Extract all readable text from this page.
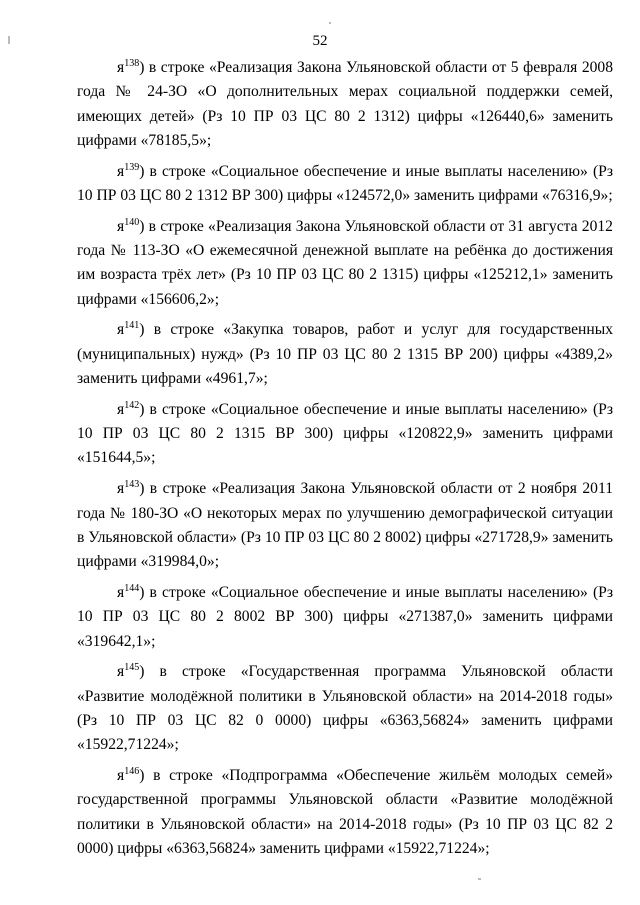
52

$я^{138}$) в строке «Реализация Закона Ульяновской области от 5 февраля 2008 года № 24-ЗО «О дополнительных мерах социальной поддержки семей, имеющих детей» (Рз 10 ПР 03 ЦС 80 2 1312) цифры «126440,6» заменить цифрами «78185,5»;

$я^{139}$) в строке «Социальное обеспечение и иные выплаты населению» (Рз 10 ПР 03 ЦС 80 2 1312 ВР 300) цифры «124572,0» заменить цифрами «76316,9»;

$я^{140}$) в строке «Реализация Закона Ульяновской области от 31 августа 2012 года № 113-ЗО «О ежемесячной денежной выплате на ребёнка до достижения им возраста трёх лет» (Рз 10 ПР 03 ЦС 80 2 1315) цифры «125212,1» заменить цифрами «156606,2»;

$я^{141}$) в строке «Закупка товаров, работ и услуг для государственных (муниципальных) нужд» (Рз 10 ПР 03 ЦС 80 2 1315 ВР 200) цифры «4389,2» заменить цифрами «4961,7»;

$я^{142}$) в строке «Социальное обеспечение и иные выплаты населению» (Рз 10 ПР 03 ЦС 80 2 1315 ВР 300) цифры «120822,9» заменить цифрами «151644,5»;

$я^{143}$) в строке «Реализация Закона Ульяновской области от 2 ноября 2011 года № 180-ЗО «О некоторых мерах по улучшению демографической ситуации в Ульяновской области» (Рз 10 ПР 03 ЦС 80 2 8002) цифры «271728,9» заменить цифрами «319984,0»;

$я^{144}$) в строке «Социальное обеспечение и иные выплаты населению» (Рз 10 ПР 03 ЦС 80 2 8002 ВР 300) цифры «271387,0» заменить цифрами «319642,1»;

$я^{145}$) в строке «Государственная программа Ульяновской области «Развитие молодёжной политики в Ульяновской области» на 2014-2018 годы» (Рз 10 ПР 03 ЦС 82 0 0000) цифры «6363,56824» заменить цифрами «15922,71224»;

$я^{146}$) в строке «Подпрограмма «Обеспечение жильём молодых семей» государственной программы Ульяновской области «Развитие молодёжной политики в Ульяновской области» на 2014-2018 годы» (Рз 10 ПР 03 ЦС 82 2 0000) цифры «6363,56824» заменить цифрами «15922,71224»;
